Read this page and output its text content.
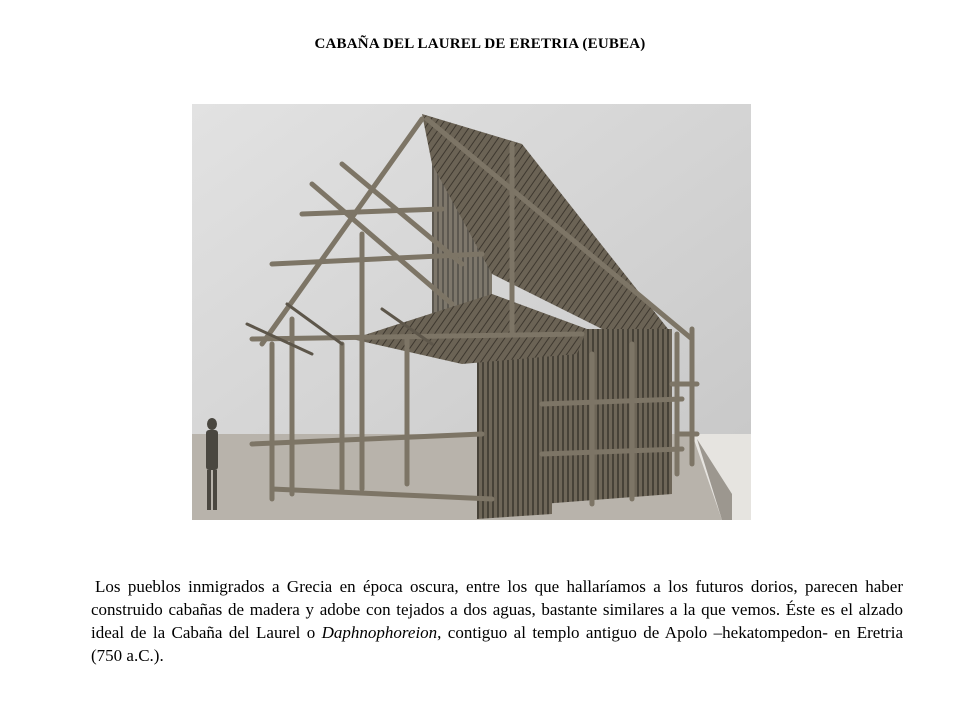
CABAÑA DEL LAUREL DE ERETRIA (EUBEA)
Los pueblos inmigrados a Grecia en época oscura, entre los que hallaríamos a los futuros dorios, parecen haber construido cabañas de madera y adobe con tejados a dos aguas, bastante similares a la que vemos. Éste es el alzado ideal de la Cabaña del Laurel o Daphnophoreion, contiguo al templo antiguo de Apolo –hekatompedon- en Eretria (750 a.C.).
